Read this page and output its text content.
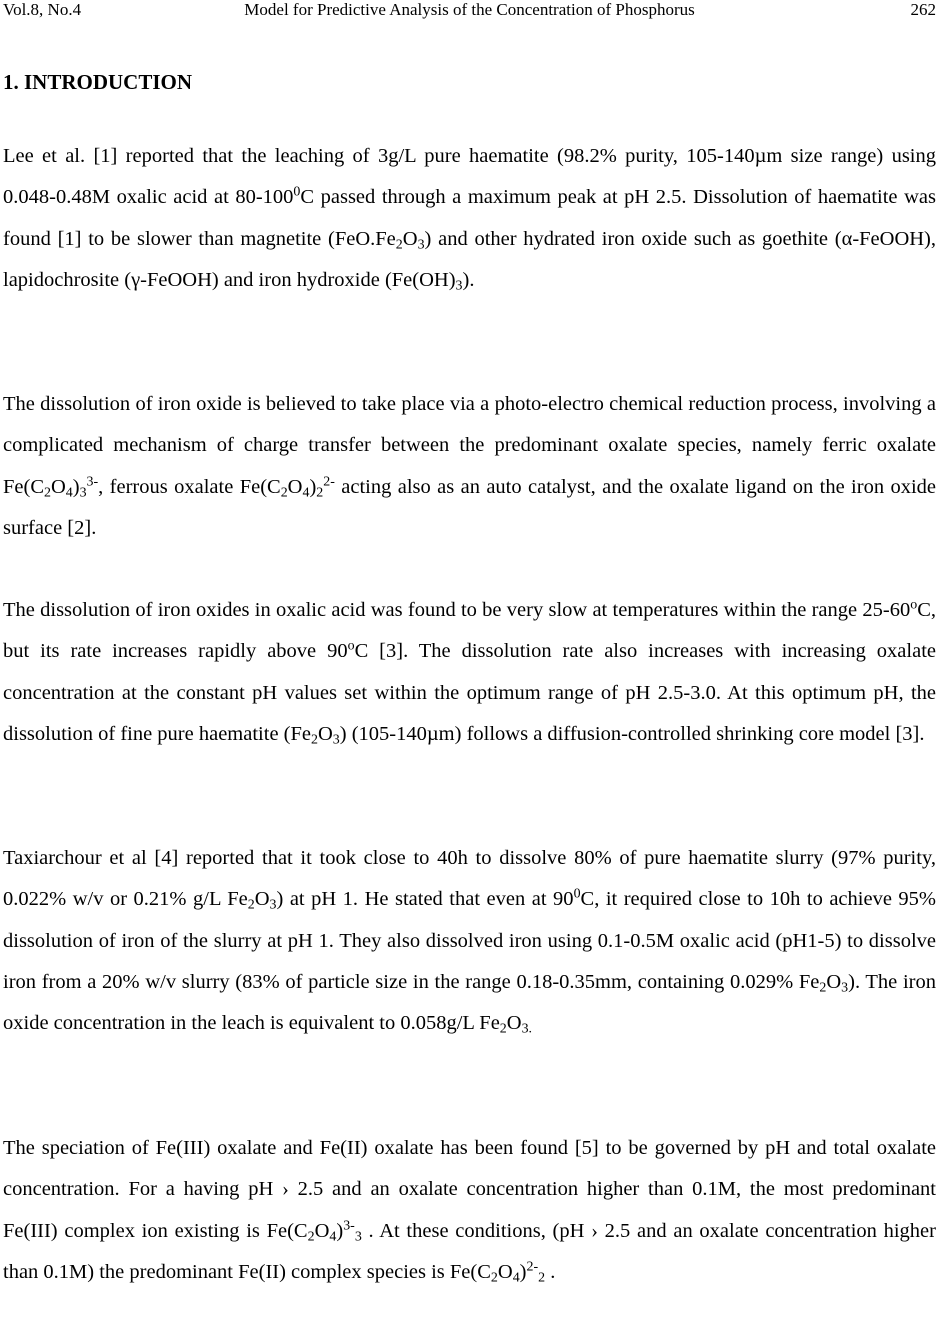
Vol.8, No.4	Model for Predictive Analysis of the Concentration of Phosphorus	262
1. INTRODUCTION

Lee et al. [1] reported that the leaching of 3g/L pure haematite (98.2% purity, 105-140µm size range) using 0.048-0.48M oxalic acid at $80-100^0C$ passed through a maximum peak at pH 2.5. Dissolution of haematite was found [1] to be slower than magnetite $(FeO.Fe_2O_3)$ and other hydrated iron oxide such as goethite (α-FeOOH), lapidochrosite (γ-FeOOH) and iron hydroxide $(Fe(OH)_3)$.

The dissolution of iron oxide is believed to take place via a photo-electro chemical reduction process, involving a complicated mechanism of charge transfer between the predominant oxalate species, namely ferric oxalate $Fe(C_2O_4)_3^{3-}$, ferrous oxalate $Fe(C_2O_4)_2^{2-}$ acting also as an auto catalyst, and the oxalate ligand on the iron oxide surface [2].

The dissolution of iron oxides in oxalic acid was found to be very slow at temperatures within the range 25-60$^o$C, but its rate increases rapidly above 90$^o$C [3]. The dissolution rate also increases with increasing oxalate concentration at the constant pH values set within the optimum range of pH 2.5-3.0. At this optimum pH, the dissolution of fine pure haematite $(Fe_2O_3)$ (105-140µm) follows a diffusion-controlled shrinking core model [3].

Taxiarchour et al [4] reported that it took close to 40h to dissolve 80% of pure haematite slurry (97% purity, 0.022% w/v or 0.21% g/L $Fe_2O_3$) at pH 1. He stated that even at $90^0C$, it required close to 10h to achieve 95% dissolution of iron of the slurry at pH 1. They also dissolved iron using 0.1-0.5M oxalic acid (pH1-5) to dissolve iron from a 20% w/v slurry (83% of particle size in the range 0.18-0.35mm, containing 0.029% $Fe_2O_3$). The iron oxide concentration in the leach is equivalent to 0.058g/L $Fe_2O_{3.}$

The speciation of Fe(III) oxalate and Fe(II) oxalate has been found [5] to be governed by pH and total oxalate concentration. For a having pH › 2.5 and an oxalate concentration higher than 0.1M, the most predominant Fe(III) complex ion existing is $Fe(C_2O_4)^{3-}_3$ . At these conditions, (pH › 2.5 and an oxalate concentration higher than 0.1M) the predominant Fe(II) complex species is $Fe(C_2O_4)^{2-}_2$ .
